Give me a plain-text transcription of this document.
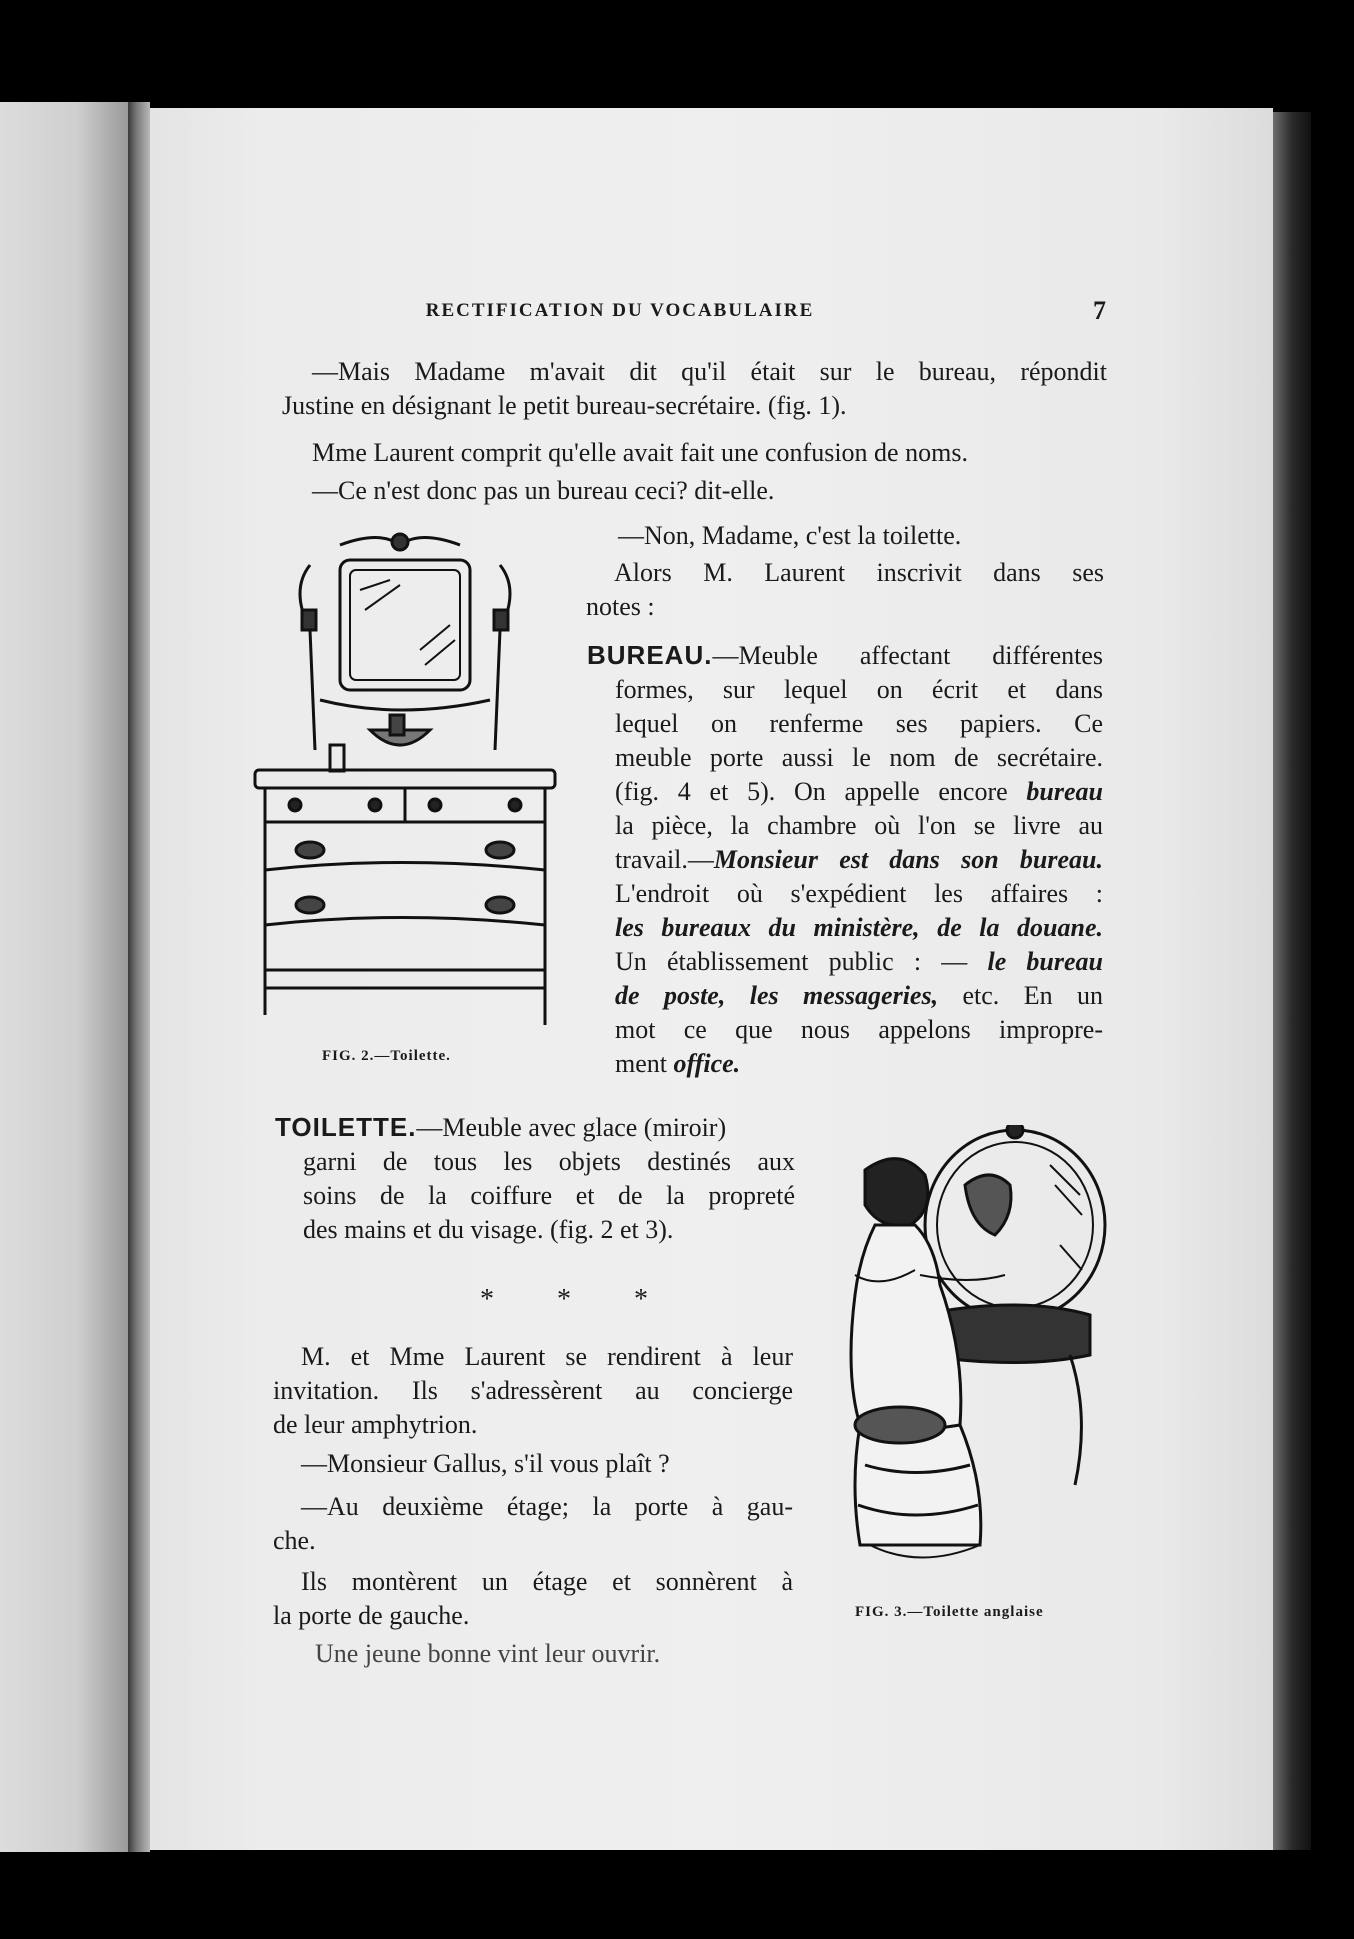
RECTIFICATION DU VOCABULAIRE	7
—Mais Madame m'avait dit qu'il était sur le bureau, répondit
Justine en désignant le petit bureau-secrétaire. (fig. 1).
Mme Laurent comprit qu'elle avait fait une confusion de noms.
—Ce n'est donc pas un bureau ceci? dit-elle.
—Non, Madame, c'est la toilette.
Alors M. Laurent inscrivit dans ses
notes :
BUREAU.—Meuble affectant différentes
formes, sur lequel on écrit et dans
lequel on renferme ses papiers. Ce
meuble porte aussi le nom de secrétaire.
(fig. 4 et 5). On appelle encore bureau
la pièce, la chambre où l'on se livre au
travail.—Monsieur est dans son bureau.
L'endroit où s'expédient les affaires :
les bureaux du ministère, de la douane.
Un établissement public : — le bureau
de poste, les messageries, etc. En un
mot ce que nous appelons impropre-
ment office.
FIG. 2.—Toilette.
TOILETTE.—Meuble avec glace (miroir)
garni de tous les objets destinés aux
soins de la coiffure et de la propreté
des mains et du visage. (fig. 2 et 3).
* * *
M. et Mme Laurent se rendirent à leur
invitation. Ils s'adressèrent au concierge
de leur amphytrion.
—Monsieur Gallus, s'il vous plaît ?
—Au deuxième étage; la porte à gau-
che.
Ils montèrent un étage et sonnèrent à
la porte de gauche.
Une jeune bonne vint leur ouvrir.
FIG. 3.—Toilette anglaise
